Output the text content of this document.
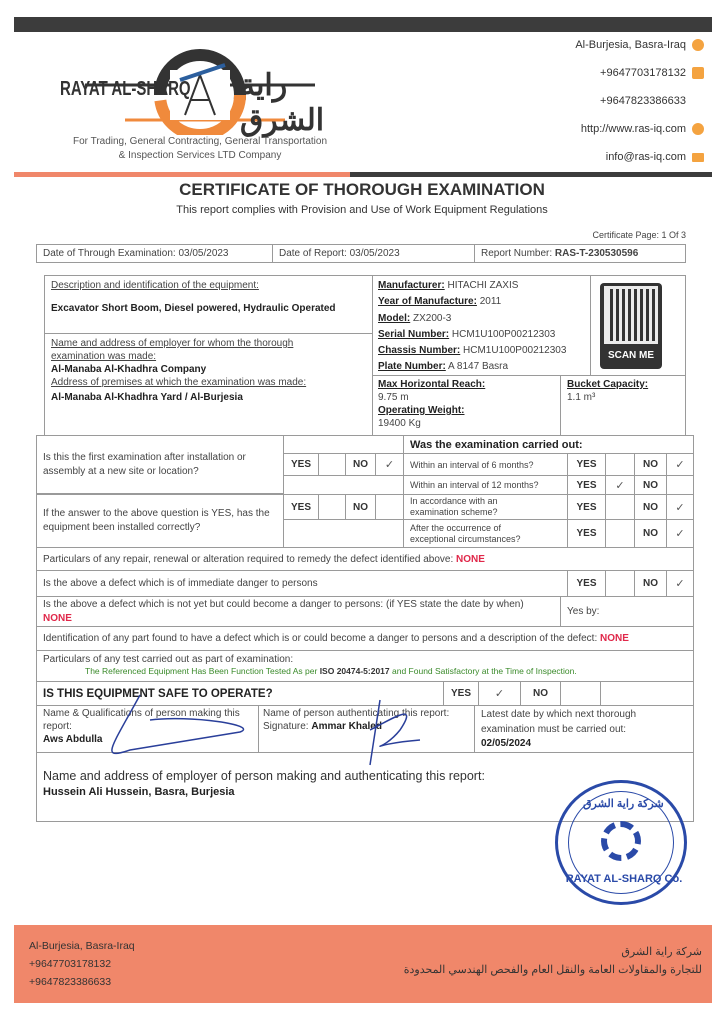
RAYAT AL-SHARQ راية الشرق
For Trading, General Contracting, General Transportation
& Inspection Services LTD Company
Al-Burjesia, Basra-Iraq
+9647703178132
+9647823386633
http://www.ras-iq.com
info@ras-iq.com
CERTIFICATE OF THOROUGH EXAMINATION
This report complies with Provision and Use of Work Equipment Regulations
Certificate Page: 1 Of 3
Date of Through Examination: 03/05/2023	Date of Report: 03/05/2023	Report Number:
RAS-T-230530596
Description and identification of the equipment:
Excavator Short Boom, Diesel powered, Hydraulic Operated
Name and address of employer for whom the thorough examination was made:
Al-Manaba Al-Khadhra Company
Address of premises at which the examination was made:
Al-Manaba Al-Khadhra Yard / Al-Burjesia
Manufacturer: HITACHI ZAXIS
Year of Manufacture: 2011
Model: ZX200-3
Serial Number: HCM1U100P00212303
Chassis Number: HCM1U100P00212303
Plate Number: A 8147 Basra
SCAN ME
Max Horizontal Reach:
9.75 m
Operating Weight:
19400 Kg
Bucket Capacity:
1.1 m³
Is this the first examination after installation or assembly at a new site or location?
YES	NO ✓
If the answer to the above question is YES, has the equipment been installed correctly?
YES	NO
Was the examination carried out:
Within an interval of 6 months?	YES	NO ✓
Within an interval of 12 months?	YES ✓ NO
In accordance with an examination scheme?	YES	NO ✓
After the occurrence of exceptional circumstances?	YES	NO ✓
Particulars of any repair, renewal or alteration required to remedy the defect identified above:
NONE
Is the above a defect which is of immediate danger to persons	YES	NO ✓
Is the above a defect which is not yet but could become a danger to persons: (if YES state the date by when) NONE
Yes by:
Identification of any part found to have a defect which is or could become a danger to persons and a description of the defect:
NONE
Particulars of any test carried out as part of examination:
The Referenced Equipment Has Been Function Tested As per ISO 20474-5:2017 and Found Satisfactory at the Time of Inspection.
IS THIS EQUIPMENT SAFE TO OPERATE?	YES ✓	NO
Name & Qualifications of person making this report:
Aws Abdulla
Name of person authenticating this report:
Signature: Ammar Khaled
Latest date by which next thorough examination must be carried out:
02/05/2024
Name and address of employer of person making and authenticating this report:
Hussein Ali Hussein, Basra, Burjesia
شركة راية الشرق
RAYAT AL-SHARQ Co.
Al-Burjesia, Basra-Iraq
+9647703178132
+9647823386633
شركة راية الشرق
للتجارة والمقاولات العامة والنقل العام والفحص الهندسي المحدودة
